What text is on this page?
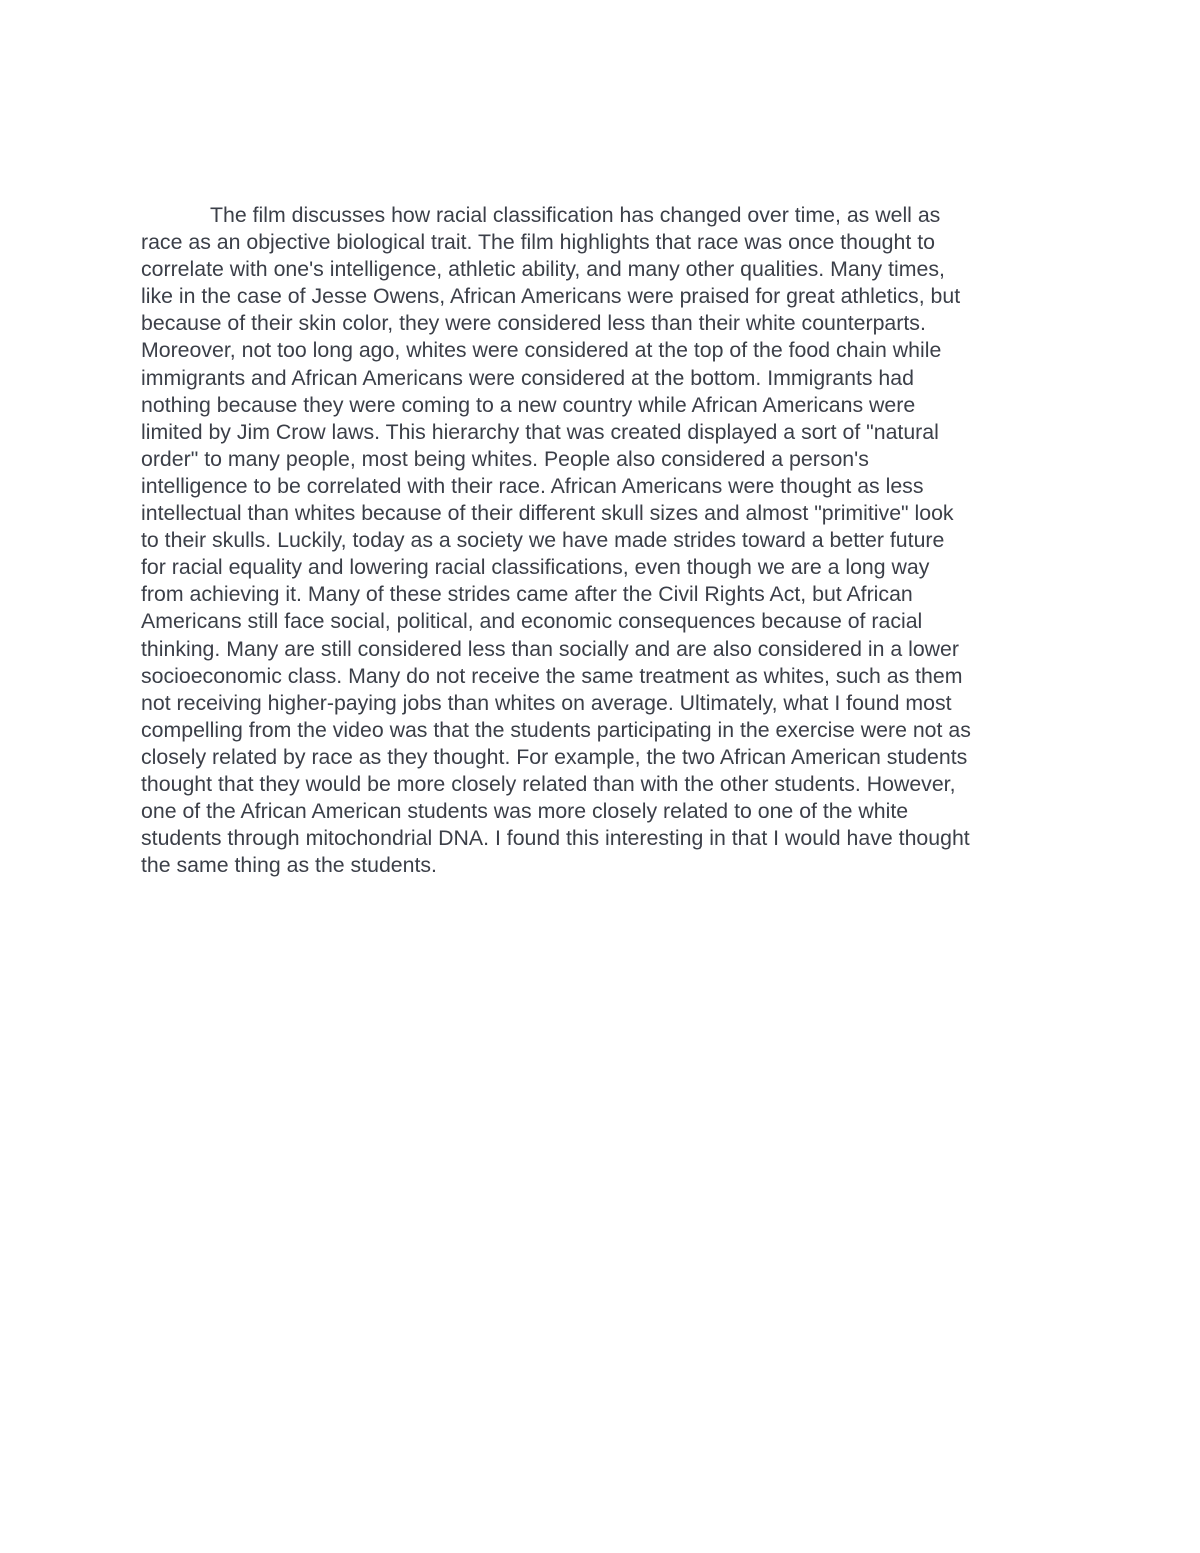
The film discusses how racial classification has changed over time, as well as
race as an objective biological trait. The film highlights that race was once thought to
correlate with one's intelligence, athletic ability, and many other qualities. Many times,
like in the case of Jesse Owens, African Americans were praised for great athletics, but
because of their skin color, they were considered less than their white counterparts.
Moreover, not too long ago, whites were considered at the top of the food chain while
immigrants and African Americans were considered at the bottom. Immigrants had
nothing because they were coming to a new country while African Americans were
limited by Jim Crow laws. This hierarchy that was created displayed a sort of "natural
order" to many people, most being whites. People also considered a person's
intelligence to be correlated with their race. African Americans were thought as less
intellectual than whites because of their different skull sizes and almost "primitive" look
to their skulls. Luckily, today as a society we have made strides toward a better future
for racial equality and lowering racial classifications, even though we are a long way
from achieving it. Many of these strides came after the Civil Rights Act, but African
Americans still face social, political, and economic consequences because of racial
thinking. Many are still considered less than socially and are also considered in a lower
socioeconomic class. Many do not receive the same treatment as whites, such as them
not receiving higher-paying jobs than whites on average. Ultimately, what I found most
compelling from the video was that the students participating in the exercise were not as
closely related by race as they thought. For example, the two African American students
thought that they would be more closely related than with the other students. However,
one of the African American students was more closely related to one of the white
students through mitochondrial DNA. I found this interesting in that I would have thought
the same thing as the students.
